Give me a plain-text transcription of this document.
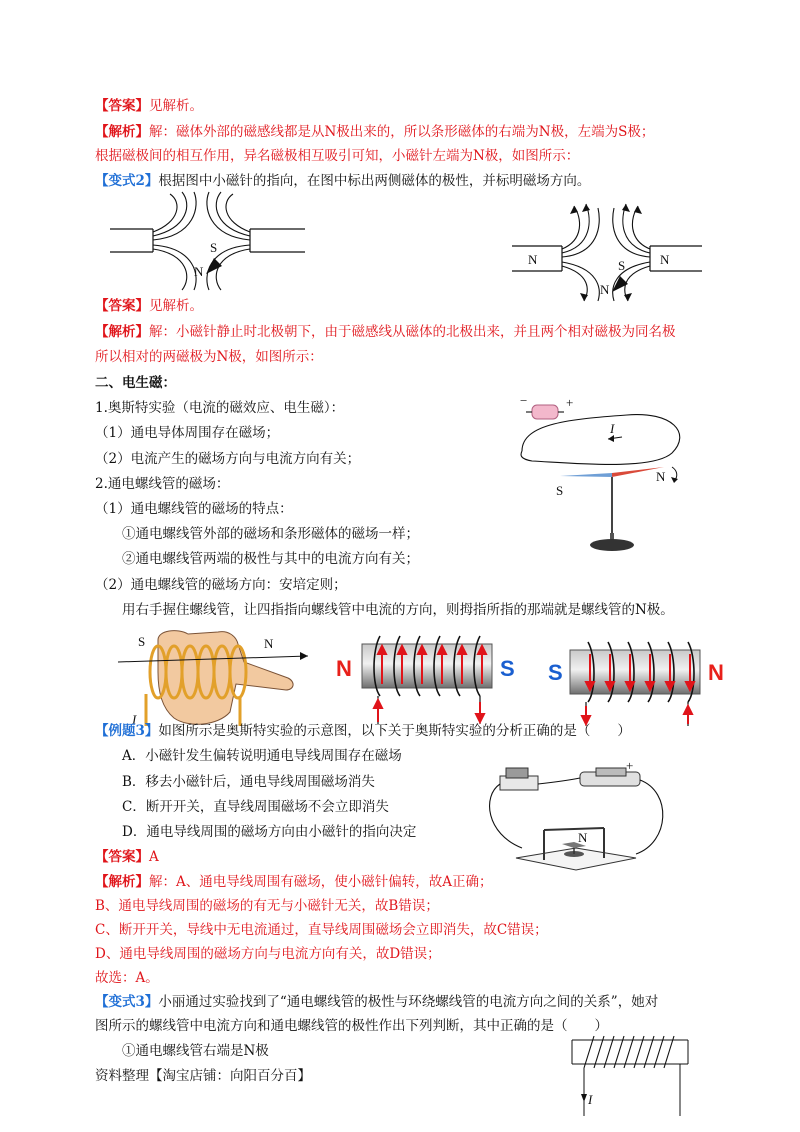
【答案】见解析。
【解析】解：磁体外部的磁感线都是从N极出来的，所以条形磁体的右端为N极，左端为S极；
根据磁极间的相互作用，异名磁极相互吸引可知，小磁针左端为N极，如图所示：
【变式2】根据图中小磁针的指向，在图中标出两侧磁体的极性，并标明磁场方向。
S
N
N	N
S
N
【答案】见解析。
【解析】解：小磁针静止时北极朝下，由于磁感线从磁体的北极出来，并且两个相对磁极为同名极
所以相对的两磁极为N极，如图所示：
二、电生磁：
1.奥斯特实验（电流的磁效应、电生磁）：
（1）通电导体周围存在磁场；
（2）电流产生的磁场方向与电流方向有关；
2.通电螺线管的磁场：
（1）通电螺线管的磁场的特点：
①通电螺线管外部的磁场和条形磁体的磁场一样；
②通电螺线管两端的极性与其中的电流方向有关；
（2）通电螺线管的磁场方向：安培定则；
用右手握住螺线管，让四指指向螺线管中电流的方向，则拇指所指的那端就是螺线管的N极。
−	+
I
S
N
S	N
I
N	S S	N
【例题3】如图所示是奥斯特实验的示意图，以下关于奥斯特实验的分析正确的是（　　）
A．小磁针发生偏转说明通电导线周围存在磁场
B．移去小磁针后，通电导线周围磁场消失
C．断开开关，直导线周围磁场不会立即消失
D．通电导线周围的磁场方向由小磁针的指向决定
+
N
【答案】A
【解析】解：A、通电导线周围有磁场，使小磁针偏转，故A正确；
B、通电导线周围的磁场的有无与小磁针无关，故B错误；
C、断开开关，导线中无电流通过，直导线周围磁场会立即消失，故C错误；
D、通电导线周围的磁场方向与电流方向有关，故D错误；
故选：A。
【变式3】小丽通过实验找到了“通电螺线管的极性与环绕螺线管的电流方向之间的关系”，她对
图所示的螺线管中电流方向和通电螺线管的极性作出下列判断，其中正确的是（　　）
①通电螺线管右端是N极
资料整理【淘宝店铺：向阳百分百】
I
